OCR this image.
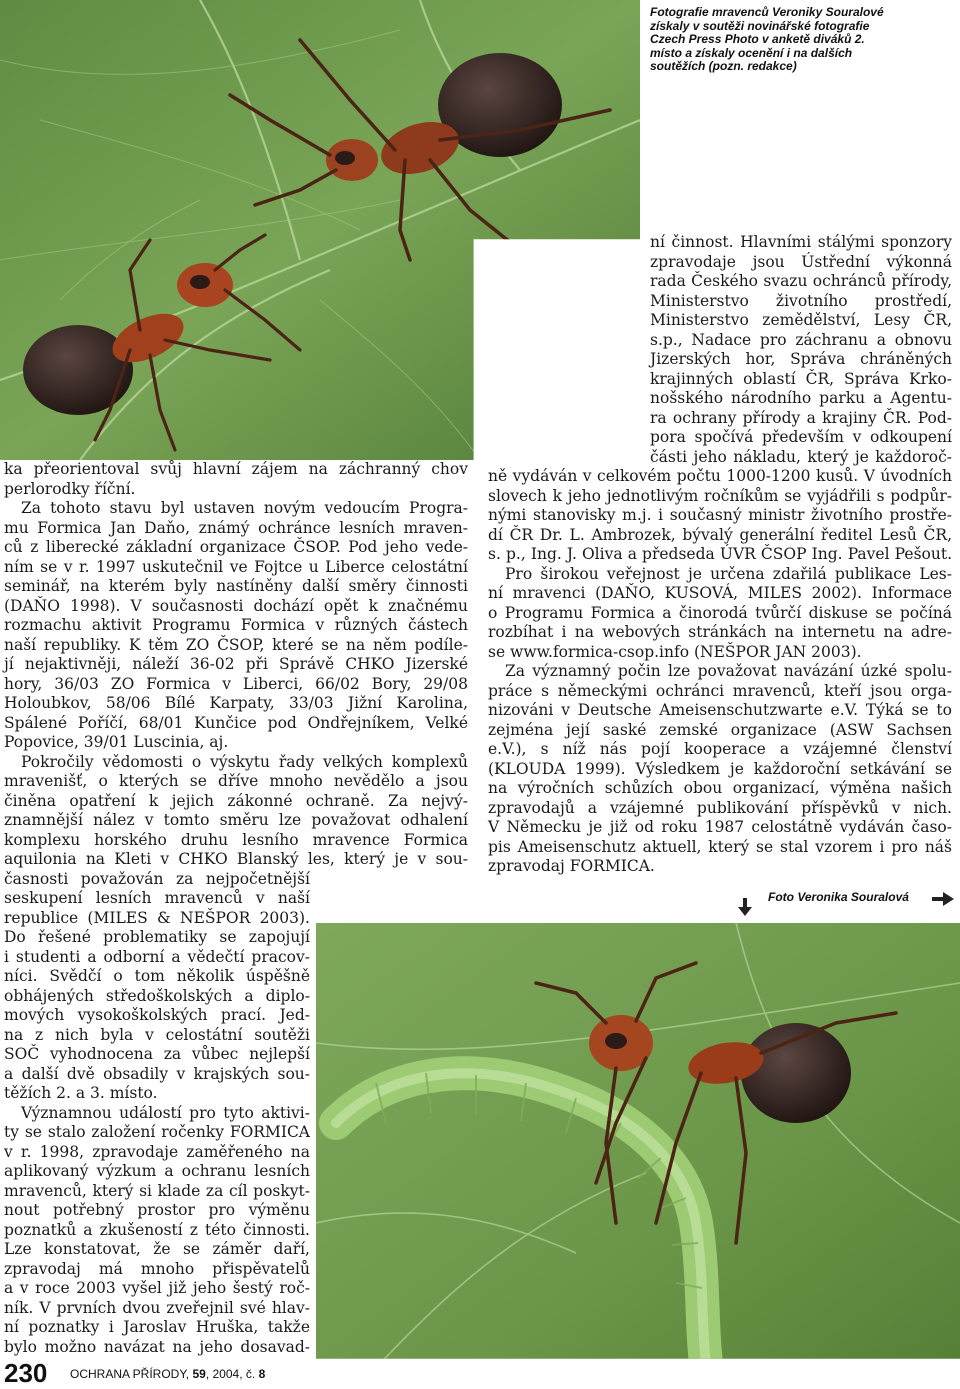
Fotografie mravenců Veroniky Souralové
získaly v soutěži novinářské fotografie
Czech Press Photo v anketě diváků 2.
místo a získaly ocenění i na dalších
soutěžích (pozn. redakce)
ní činnost. Hlavními stálými sponzory
zpravodaje jsou Ústřední výkonná
rada Českého svazu ochránců přírody,
Ministerstvo životního prostředí,
Ministerstvo zemědělství, Lesy ČR,
s.p., Nadace pro záchranu a obnovu
Jizerských hor, Správa chráněných
krajinných oblastí ČR, Správa Krko-
nošského národního parku a Agentu-
ra ochrany přírody a krajiny ČR. Pod-
pora spočívá především v odkoupení
části jeho nákladu, který je každoroč-
ně vydáván v celkovém počtu 1000-1200 kusů. V úvodních
slovech k jeho jednotlivým ročníkům se vyjádřili s podpůr-
nými stanovisky m.j. i současný ministr životního prostře-
dí ČR Dr. L. Ambrozek, bývalý generální ředitel Lesů ČR,
s. p., Ing. J. Oliva a předseda ÚVR ČSOP Ing. Pavel Pešout.
Pro širokou veřejnost je určena zdařilá publikace Les-
ní mravenci (DAŇO, KUSOVÁ, MILES 2002). Informace
o Programu Formica a činorodá tvůrčí diskuse se počíná
rozbíhat i na webových stránkách na internetu na adre-
se www.formica-csop.info (NEŠPOR JAN 2003).
Za významný počin lze považovat navázání úzké spolu-
práce s německými ochránci mravenců, kteří jsou orga-
nizováni v Deutsche Ameisenschutzwarte e.V. Týká se to
zejména její saské zemské organizace (ASW Sachsen
e.V.), s níž nás pojí kooperace a vzájemné členství
(KLOUDA 1999). Výsledkem je každoroční setkávání se
na výročních schůzích obou organizací, výměna našich
zpravodajů a vzájemné publikování příspěvků v nich.
V Německu je již od roku 1987 celostátně vydáván časo-
pis Ameisenschutz aktuell, který se stal vzorem i pro náš
zpravodaj FORMICA.
ka přeorientoval svůj hlavní zájem na záchranný chov
perlorodky říční.
Za tohoto stavu byl ustaven novým vedoucím Progra-
mu Formica Jan Daňo, známý ochránce lesních mraven-
ců z liberecké základní organizace ČSOP. Pod jeho vede-
ním se v r. 1997 uskutečnil ve Fojtce u Liberce celostátní
seminář, na kterém byly nastíněny další směry činnosti
(DAŇO 1998). V současnosti dochází opět k značnému
rozmachu aktivit Programu Formica v různých částech
naší republiky. K těm ZO ČSOP, které se na něm podíle-
jí nejaktivněji, náleží 36-02 při Správě CHKO Jizerské
hory, 36/03 ZO Formica v Liberci, 66/02 Bory, 29/08
Holoubkov, 58/06 Bílé Karpaty, 33/03 Jižní Karolina,
Spálené Poříčí, 68/01 Kunčice pod Ondřejníkem, Velké
Popovice, 39/01 Luscinia, aj.
Pokročily vědomosti o výskytu řady velkých komplexů
mravenišť, o kterých se dříve mnoho nevědělo a jsou
činěna opatření k jejich zákonné ochraně. Za nejvý-
znamnější nález v tomto směru lze považovat odhalení
komplexu horského druhu lesního mravence Formica
aquilonia na Kleti v CHKO Blanský les, který je v sou-
časnosti považován za nejpočetnější
seskupení lesních mravenců v naší
republice (MILES & NEŠPOR 2003).
Do řešené problematiky se zapojují
i studenti a odborní a vědečtí pracov-
níci. Svědčí o tom několik úspěšně
obhájených středoškolských a diplo-
mových vysokoškolských prací. Jed-
na z nich byla v celostátní soutěži
SOČ vyhodnocena za vůbec nejlepší
a další dvě obsadily v krajských sou-
těžích 2. a 3. místo.
Významnou událostí pro tyto aktivi-
ty se stalo založení ročenky FORMICA
v r. 1998, zpravodaje zaměřeného na
aplikovaný výzkum a ochranu lesních
mravenců, který si klade za cíl poskyt-
nout potřebný prostor pro výměnu
poznatků a zkušeností z této činnosti.
Lze konstatovat, že se záměr daří,
zpravodaj má mnoho přispěvatelů
a v roce 2003 vyšel již jeho šestý roč-
ník. V prvních dvou zveřejnil své hlav-
ní poznatky i Jaroslav Hruška, takže
bylo možno navázat na jeho dosavad-
Foto Veronika Souralová
230 OCHRANA PŘÍRODY, 59, 2004, č. 8
